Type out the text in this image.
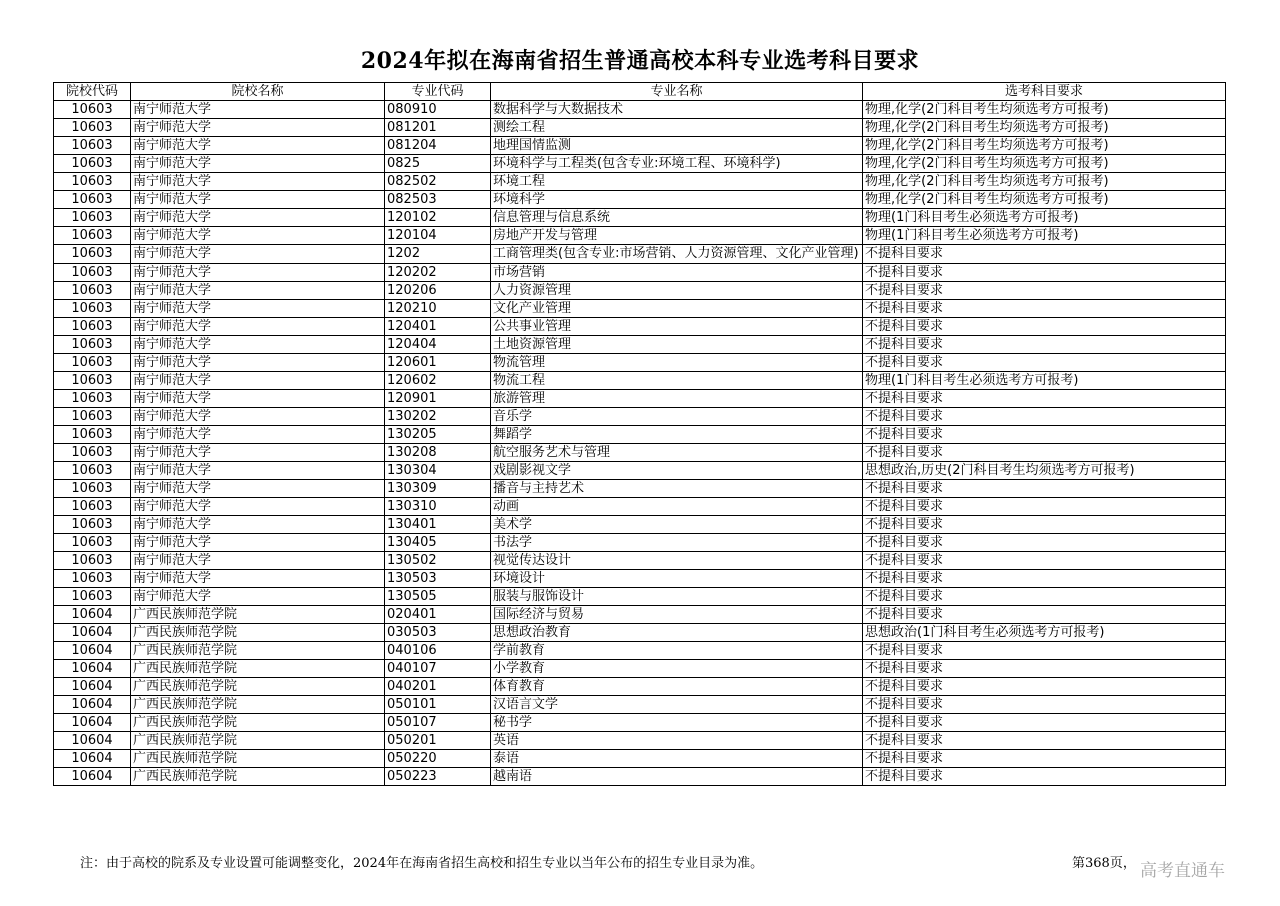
2024年拟在海南省招生普通高校本科专业选考科目要求
院校代码	院校名称	专业代码	专业名称	选考科目要求
10603	南宁师范大学	080910	数据科学与大数据技术	物理,化学(2门科目考生均须选考方可报考)
10603	南宁师范大学	081201	测绘工程	物理,化学(2门科目考生均须选考方可报考)
10603	南宁师范大学	081204	地理国情监测	物理,化学(2门科目考生均须选考方可报考)
10603	南宁师范大学	0825	环境科学与工程类(包含专业:环境工程、环境科学)	物理,化学(2门科目考生均须选考方可报考)
10603	南宁师范大学	082502	环境工程	物理,化学(2门科目考生均须选考方可报考)
10603	南宁师范大学	082503	环境科学	物理,化学(2门科目考生均须选考方可报考)
10603	南宁师范大学	120102	信息管理与信息系统	物理(1门科目考生必须选考方可报考)
10603	南宁师范大学	120104	房地产开发与管理	物理(1门科目考生必须选考方可报考)
10603	南宁师范大学	1202	工商管理类(包含专业:市场营销、人力资源管理、文化产业管理)	不提科目要求
10603	南宁师范大学	120202	市场营销	不提科目要求
10603	南宁师范大学	120206	人力资源管理	不提科目要求
10603	南宁师范大学	120210	文化产业管理	不提科目要求
10603	南宁师范大学	120401	公共事业管理	不提科目要求
10603	南宁师范大学	120404	土地资源管理	不提科目要求
10603	南宁师范大学	120601	物流管理	不提科目要求
10603	南宁师范大学	120602	物流工程	物理(1门科目考生必须选考方可报考)
10603	南宁师范大学	120901	旅游管理	不提科目要求
10603	南宁师范大学	130202	音乐学	不提科目要求
10603	南宁师范大学	130205	舞蹈学	不提科目要求
10603	南宁师范大学	130208	航空服务艺术与管理	不提科目要求
10603	南宁师范大学	130304	戏剧影视文学	思想政治,历史(2门科目考生均须选考方可报考)
10603	南宁师范大学	130309	播音与主持艺术	不提科目要求
10603	南宁师范大学	130310	动画	不提科目要求
10603	南宁师范大学	130401	美术学	不提科目要求
10603	南宁师范大学	130405	书法学	不提科目要求
10603	南宁师范大学	130502	视觉传达设计	不提科目要求
10603	南宁师范大学	130503	环境设计	不提科目要求
10603	南宁师范大学	130505	服装与服饰设计	不提科目要求
10604	广西民族师范学院	020401	国际经济与贸易	不提科目要求
10604	广西民族师范学院	030503	思想政治教育	思想政治(1门科目考生必须选考方可报考)
10604	广西民族师范学院	040106	学前教育	不提科目要求
10604	广西民族师范学院	040107	小学教育	不提科目要求
10604	广西民族师范学院	040201	体育教育	不提科目要求
10604	广西民族师范学院	050101	汉语言文学	不提科目要求
10604	广西民族师范学院	050107	秘书学	不提科目要求
10604	广西民族师范学院	050201	英语	不提科目要求
10604	广西民族师范学院	050220	泰语	不提科目要求
10604	广西民族师范学院	050223	越南语	不提科目要求
注：由于高校的院系及专业设置可能调整变化，2024年在海南省招生高校和招生专业以当年公布的招生专业目录为准。	第368页， 高考直通车
